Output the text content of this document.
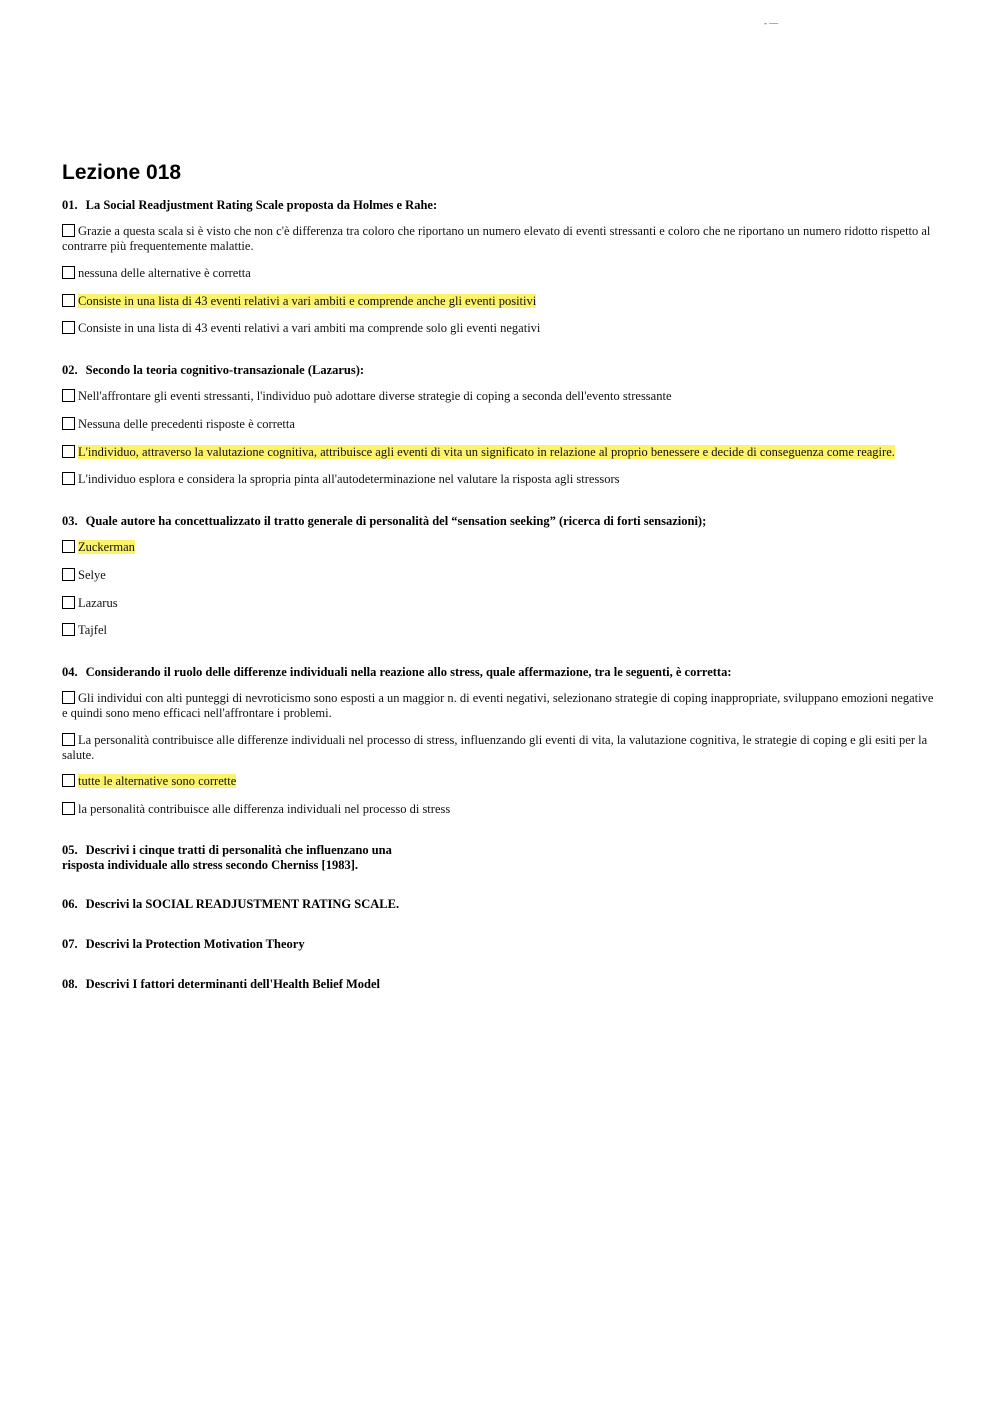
- —
Lezione 018
01. La Social Readjustment Rating Scale proposta da Holmes e Rahe:
Grazie a questa scala si è visto che non c'è differenza tra coloro che riportano un numero elevato di eventi stressanti e coloro che ne riportano un numero ridotto rispetto al contrarre più frequentemente malattie.
nessuna delle alternative è corretta
Consiste in una lista di 43 eventi relativi a vari ambiti e comprende anche gli eventi positivi
Consiste in una lista di 43 eventi relativi a vari ambiti ma comprende solo gli eventi negativi
02. Secondo la teoria cognitivo-transazionale (Lazarus):
Nell'affrontare gli eventi stressanti, l'individuo può adottare diverse strategie di coping a seconda dell'evento stressante
Nessuna delle precedenti risposte è corretta
L'individuo, attraverso la valutazione cognitiva, attribuisce agli eventi di vita un significato in relazione al proprio benessere e decide di conseguenza come reagire.
L'individuo esplora e considera la spropria pinta all'autodeterminazione nel valutare la risposta agli stressors
03. Quale autore ha concettualizzato il tratto generale di personalità del “sensation seeking” (ricerca di forti sensazioni);
Zuckerman
Selye
Lazarus
Tajfel
04. Considerando il ruolo delle differenze individuali nella reazione allo stress, quale affermazione, tra le seguenti, è corretta:
Gli individui con alti punteggi di nevroticismo sono esposti a un maggior n. di eventi negativi, selezionano strategie di coping inappropriate, sviluppano emozioni negative e quindi sono meno efficaci nell'affrontare i problemi.
La personalità contribuisce alle differenze individuali nel processo di stress, influenzando gli eventi di vita, la valutazione cognitiva, le strategie di coping e gli esiti per la salute.
tutte le alternative sono corrette
la personalità contribuisce alle differenza individuali nel processo di stress
05. Descrivi i cinque tratti di personalità che influenzano una
risposta individuale allo stress secondo Cherniss [1983].
06. Descrivi la SOCIAL READJUSTMENT RATING SCALE.
07. Descrivi la Protection Motivation Theory
08. Descrivi I fattori determinanti dell'Health Belief Model
